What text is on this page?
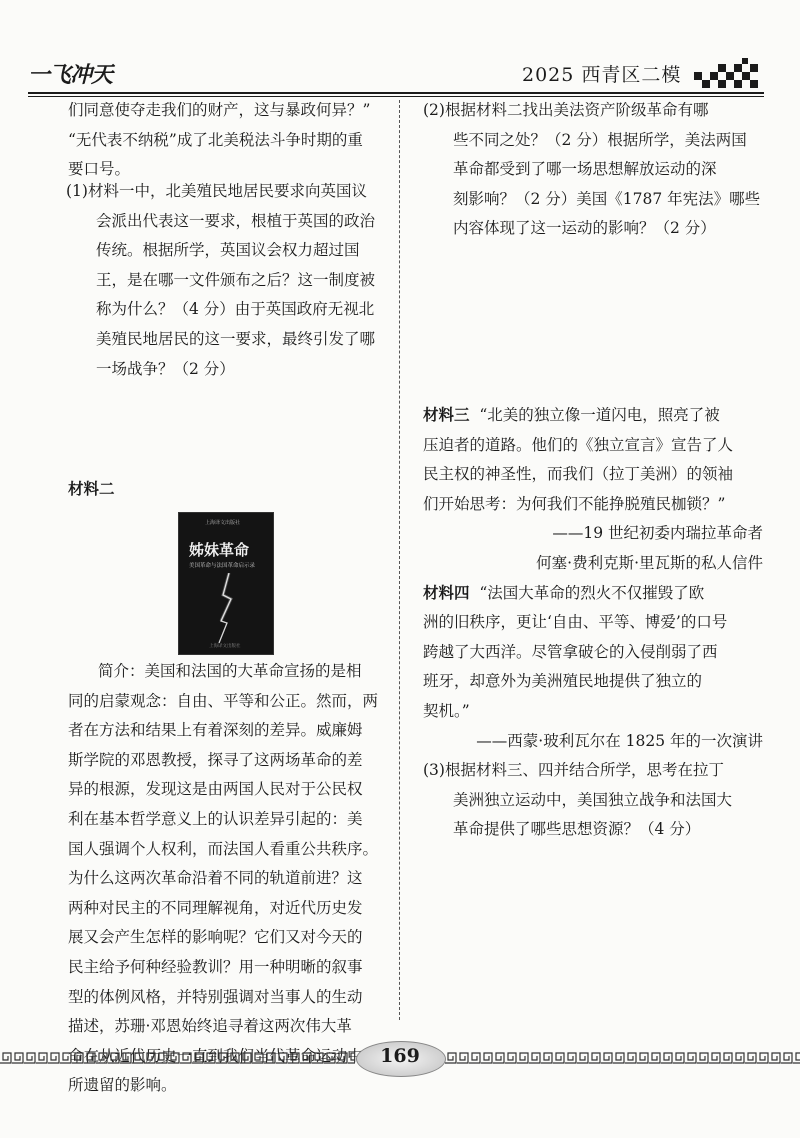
一飞冲天	2025 西青区二模

们同意使夺走我们的财产，这与暴政何异？”

“无代表不纳税”成了北美税法斗争时期的重

要口号。

(1)材料一中，北美殖民地居民要求向英国议

会派出代表这一要求，根植于英国的政治

传统。根据所学，英国议会权力超过国

王，是在哪一文件颁布之后？这一制度被

称为什么？（4 分）由于英国政府无视北

美殖民地居民的这一要求，最终引发了哪

一场战争？（2 分）

材料二
上海译文出版社
姊妹革命
美国革命与法国革命启示录
上海译文出版社

简介：美国和法国的大革命宣扬的是相

同的启蒙观念：自由、平等和公正。然而，两

者在方法和结果上有着深刻的差异。威廉姆

斯学院的邓恩教授，探寻了这两场革命的差

异的根源，发现这是由两国人民对于公民权

利在基本哲学意义上的认识差异引起的：美

国人强调个人权利，而法国人看重公共秩序。

为什么这两次革命沿着不同的轨道前进？这

两种对民主的不同理解视角，对近代历史发

展又会产生怎样的影响呢？它们又对今天的

民主给予何种经验教训？用一种明晰的叙事

型的体例风格，并特别强调对当事人的生动

描述，苏珊·邓恩始终追寻着这两次伟大革

所遗留的影响。

(2)根据材料二找出美法资产阶级革命有哪

些不同之处？（2 分）根据所学，美法两国

革命都受到了哪一场思想解放运动的深

刻影响？（2 分）美国《1787 年宪法》哪些

内容体现了这一运动的影响？（2 分）

材料三 “北美的独立像一道闪电，照亮了被

压迫者的道路。他们的《独立宣言》宣告了人

民主权的神圣性，而我们（拉丁美洲）的领袖

们开始思考：为何我们不能挣脱殖民枷锁？”

——19 世纪初委内瑞拉革命者

何塞·费利克斯·里瓦斯的私人信件

材料四 “法国大革命的烈火不仅摧毁了欧

洲的旧秩序，更让‘自由、平等、博爱’的口号

跨越了大西洋。尽管拿破仑的入侵削弱了西

班牙，却意外为美洲殖民地提供了独立的

契机。”

——西蒙·玻利瓦尔在 1825 年的一次演讲

(3)根据材料三、四并结合所学，思考在拉丁

美洲独立运动中，美国独立战争和法国大

革命提供了哪些思想资源？（4 分）

169
